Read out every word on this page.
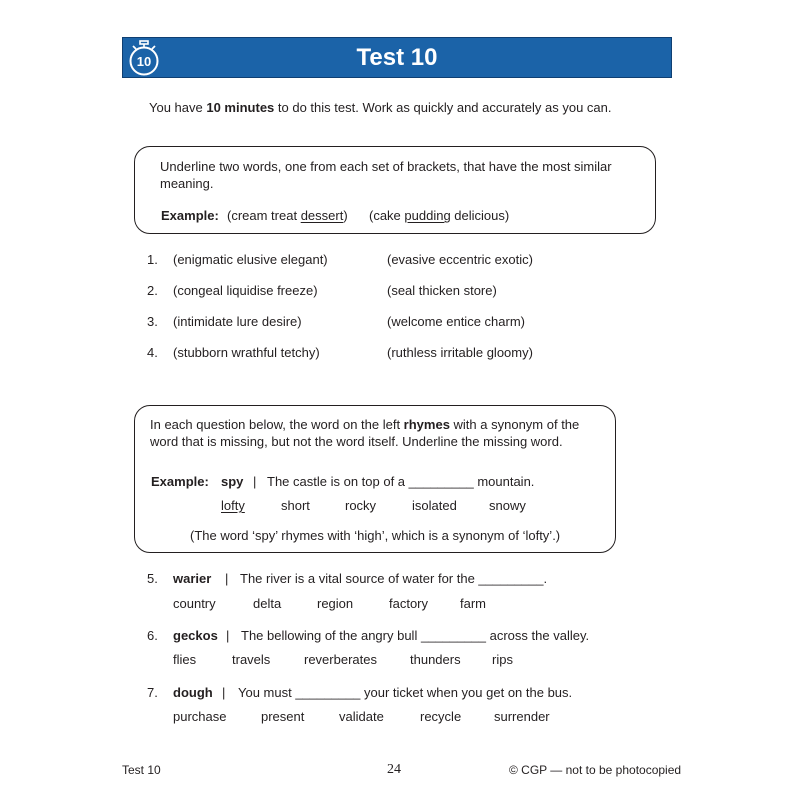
Test 10
10
You have 10 minutes to do this test. Work as quickly and accurately as you can.
Underline two words, one from each set of brackets, that have the most similar
meaning.
Example: (cream treat dessert) (cake pudding delicious)
1. (enigmatic elusive elegant)	(evasive eccentric exotic)
2. (congeal liquidise freeze)	(seal thicken store)
3. (intimidate lure desire)	(welcome entice charm)
4. (stubborn wrathful tetchy)	(ruthless irritable gloomy)
In each question below, the word on the left rhymes with a synonym of the
word that is missing, but not the word itself. Underline the missing word.
Example: spy | The castle is on top of a _________ mountain.
lofty	short	rocky	isolated snowy
(The word ‘spy’ rhymes with ‘high’, which is a synonym of ‘lofty’.)
5. warier | The river is a vital source of water for the _________.
country	delta	region	factory farm
6. geckos | The bellowing of the angry bull _________ across the valley.
flies	travels	reverberates	thunders rips
7. dough | You must _________ your ticket when you get on the bus.
purchase	present	validate	recycle	surrender
Test 10	24	© CGP — not to be photocopied
